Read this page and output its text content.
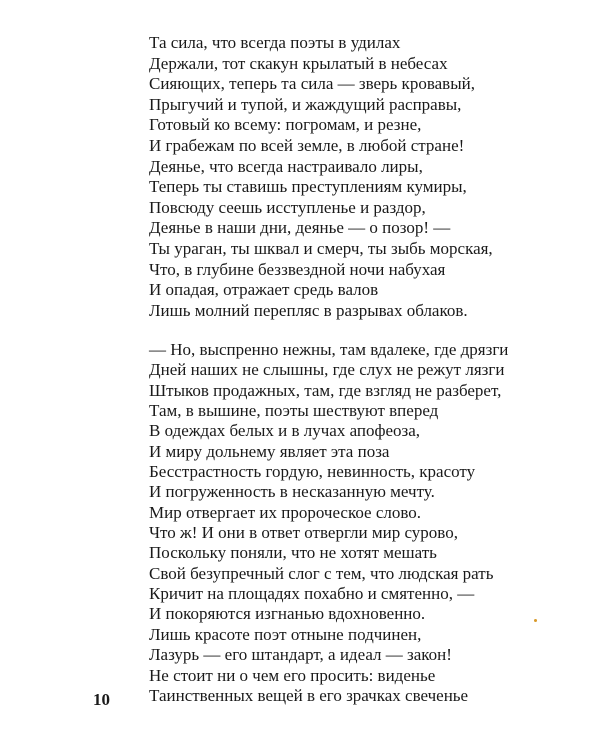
Та сила, что всегда поэты в удилах
Держали, тот скакун крылатый в небесах
Сияющих, теперь та сила — зверь кровавый,
Прыгучий и тупой, и жаждущий расправы,
Готовый ко всему: погромам, и резне,
И грабежам по всей земле, в любой стране!
Деянье, что всегда настраивало лиры,
Теперь ты ставишь преступлениям кумиры,
Повсюду сеешь исступленье и раздор,
Деянье в наши дни, деянье — о позор! —
Ты ураган, ты шквал и смерч, ты зыбь морская,
Что, в глубине беззвездной ночи набухая
И опадая, отражает средь валов
Лишь молний перепляс в разрывах облаков.
— Но, выспренно нежны, там вдалеке, где дрязги
Дней наших не слышны, где слух не режут лязги
Штыков продажных, там, где взгляд не разберет,
Там, в вышине, поэты шествуют вперед
В одеждах белых и в лучах апофеоза,
И миру дольнему являет эта поза
Бесстрастность гордую, невинность, красоту
И погруженность в несказанную мечту.
Мир отвергает их пророческое слово.
Что ж! И они в ответ отвергли мир сурово,
Поскольку поняли, что не хотят мешать
Свой безупречный слог с тем, что людская рать
Кричит на площадях похабно и смятенно, —
И покоряются изгнанью вдохновенно.
Лишь красоте поэт отныне подчинен,
Лазурь — его штандарт, а идеал — закон!
Не стоит ни о чем его просить: виденье
Таинственных вещей в его зрачках свеченье
10
